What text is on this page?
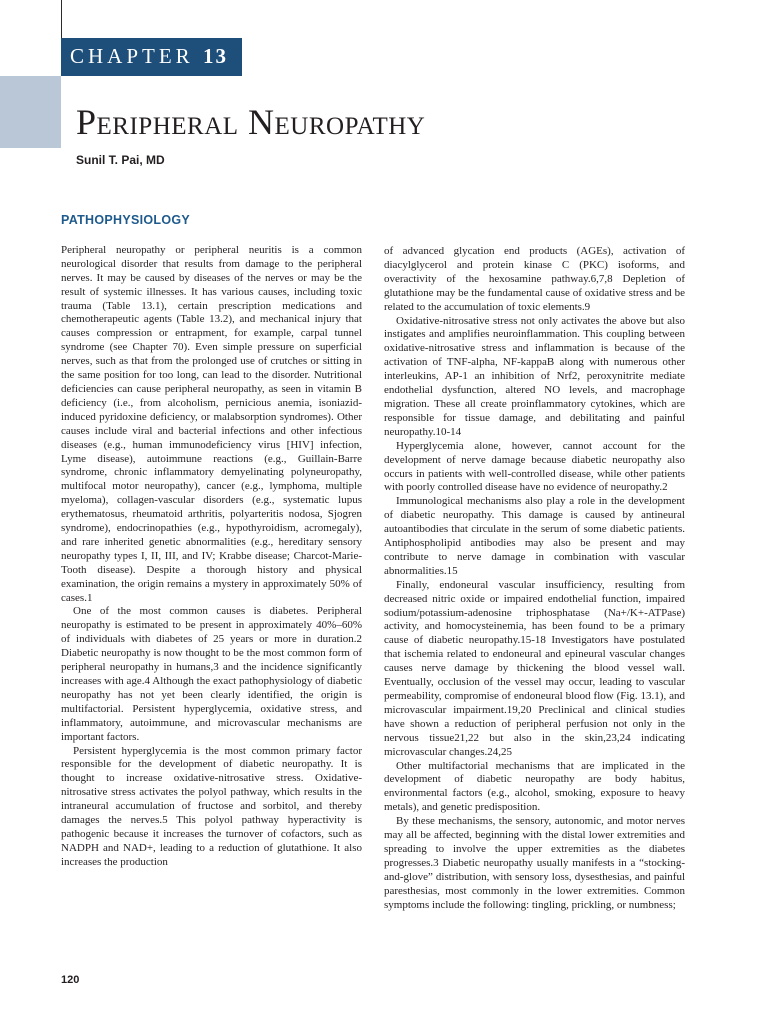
CHAPTER 13
Peripheral Neuropathy
Sunil T. Pai, MD
PATHOPHYSIOLOGY

Peripheral neuropathy or peripheral neuritis is a common neurological disorder that results from damage to the peripheral nerves. It may be caused by diseases of the nerves or may be the result of systemic illnesses. It has various causes, including toxic trauma (Table 13.1), certain prescription medications and chemotherapeutic agents (Table 13.2), and mechanical injury that causes compression or entrapment, for example, carpal tunnel syndrome (see Chapter 70). Even simple pressure on superficial nerves, such as that from the prolonged use of crutches or sitting in the same position for too long, can lead to the disorder. Nutritional deficiencies can cause peripheral neuropathy, as seen in vitamin B deficiency (i.e., from alcoholism, pernicious anemia, isoniazid-induced pyridoxine deficiency, or malabsorption syndromes). Other causes include viral and bacterial infections and other infectious diseases (e.g., human immunodeficiency virus [HIV] infection, Lyme disease), autoimmune reactions (e.g., Guillain-Barre syndrome, chronic inflammatory demyelinating polyneuropathy, multifocal motor neuropathy), cancer (e.g., lymphoma, multiple myeloma), collagen-vascular disorders (e.g., systematic lupus erythematosus, rheumatoid arthritis, polyarteritis nodosa, Sjogren syndrome), endocrinopathies (e.g., hypothyroidism, acromegaly), and rare inherited genetic abnormalities (e.g., hereditary sensory neuropathy types I, II, III, and IV; Krabbe disease; Charcot-Marie-Tooth disease). Despite a thorough history and physical examination, the origin remains a mystery in approximately 50% of cases.1

One of the most common causes is diabetes. Peripheral neuropathy is estimated to be present in approximately 40%–60% of individuals with diabetes of 25 years or more in duration.2 Diabetic neuropathy is now thought to be the most common form of peripheral neuropathy in humans,3 and the incidence significantly increases with age.4 Although the exact pathophysiology of diabetic neuropathy has not yet been clearly identified, the origin is multifactorial. Persistent hyperglycemia, oxidative stress, and inflammatory, autoimmune, and microvascular mechanisms are important factors.

Persistent hyperglycemia is the most common primary factor responsible for the development of diabetic neuropathy. It is thought to increase oxidative-nitrosative stress. Oxidative-nitrosative stress activates the polyol pathway, which results in the intraneural accumulation of fructose and sorbitol, and thereby damages the nerves.5 This polyol pathway hyperactivity is pathogenic because it increases the turnover of cofactors, such as NADPH and NAD+, leading to a reduction of glutathione. It also increases the production

of advanced glycation end products (AGEs), activation of diacylglycerol and protein kinase C (PKC) isoforms, and overactivity of the hexosamine pathway.6,7,8 Depletion of glutathione may be the fundamental cause of oxidative stress and be related to the accumulation of toxic elements.9

Oxidative-nitrosative stress not only activates the above but also instigates and amplifies neuroinflammation. This coupling between oxidative-nitrosative stress and inflammation is because of the activation of TNF-alpha, NF-kappaB along with numerous other interleukins, AP-1 an inhibition of Nrf2, peroxynitrite mediate endothelial dysfunction, altered NO levels, and macrophage migration. These all create proinflammatory cytokines, which are responsible for tissue damage, and debilitating and painful neuropathy.10-14

Hyperglycemia alone, however, cannot account for the development of nerve damage because diabetic neuropathy also occurs in patients with well-controlled disease, while other patients with poorly controlled disease have no evidence of neuropathy.2

Immunological mechanisms also play a role in the development of diabetic neuropathy. This damage is caused by antineural autoantibodies that circulate in the serum of some diabetic patients. Antiphospholipid antibodies may also be present and may contribute to nerve damage in combination with vascular abnormalities.15

Finally, endoneural vascular insufficiency, resulting from decreased nitric oxide or impaired endothelial function, impaired sodium/potassium-adenosine triphosphatase (Na+/K+-ATPase) activity, and homocysteinemia, has been found to be a primary cause of diabetic neuropathy.15-18 Investigators have postulated that ischemia related to endoneural and epineural vascular changes causes nerve damage by thickening the blood vessel wall. Eventually, occlusion of the vessel may occur, leading to vascular permeability, compromise of endoneural blood flow (Fig. 13.1), and microvascular impairment.19,20 Preclinical and clinical studies have shown a reduction of peripheral perfusion not only in the nervous tissue21,22 but also in the skin,23,24 indicating microvascular changes.24,25

Other multifactorial mechanisms that are implicated in the development of diabetic neuropathy are body habitus, environmental factors (e.g., alcohol, smoking, exposure to heavy metals), and genetic predisposition.

By these mechanisms, the sensory, autonomic, and motor nerves may all be affected, beginning with the distal lower extremities and spreading to involve the upper extremities as the diabetes progresses.3 Diabetic neuropathy usually manifests in a “stocking-and-glove” distribution, with sensory loss, dysesthesias, and painful paresthesias, most commonly in the lower extremities. Common symptoms include the following: tingling, prickling, or numbness;

120
